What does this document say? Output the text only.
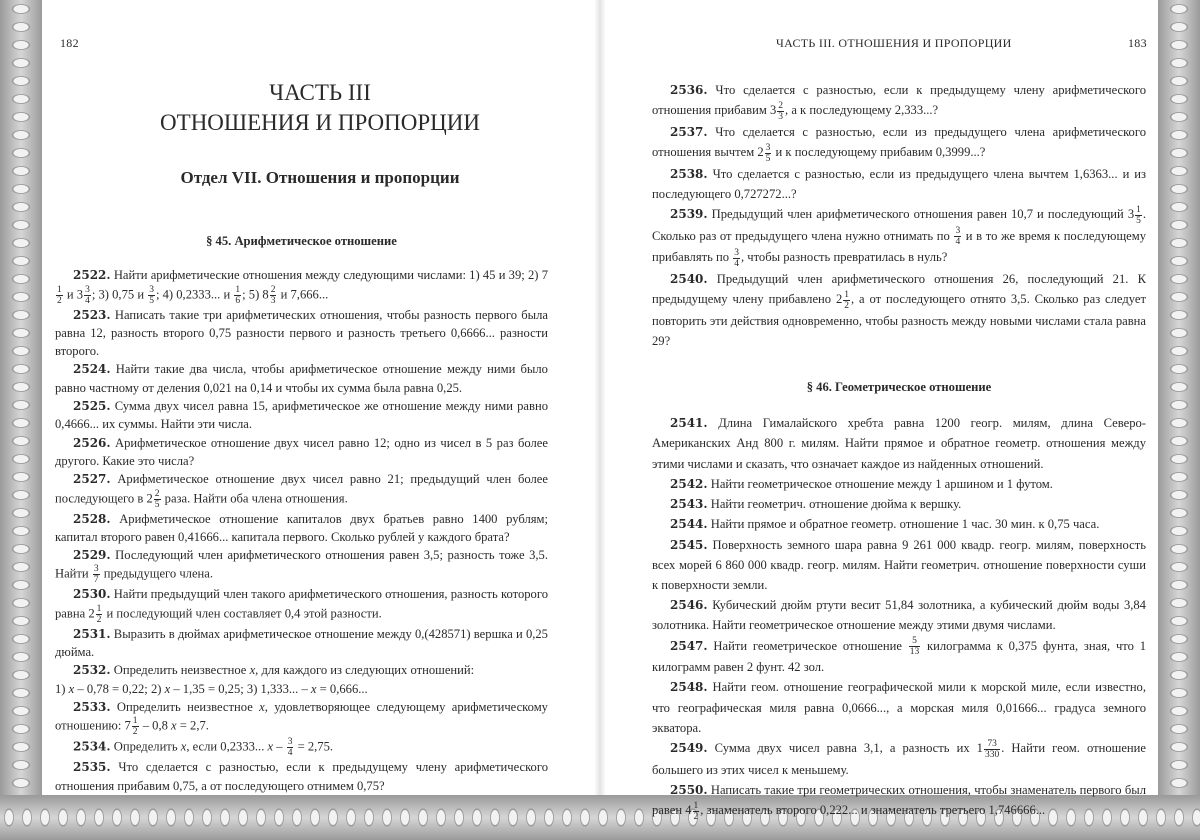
182
ЧАСТЬ III
ОТНОШЕНИЯ И ПРОПОРЦИИ
Отдел VII. Отношения и пропорции
§ 45. Арифметическое отношение

2522. Найти арифметические отношения между следующими числами: 1) 45 и 39; 2) 7
$\frac{1}{2}$ и $3 \frac{3}{4}$ ; 3) 0,75 и $\frac{3}{5}$ ; 4) 0,2333... и $\frac{1}{6}$ ; 5) $8 \frac{2}{3}$ и 7,666...

2523. Написать такие три арифметических отношения, чтобы разность первого была равна 12, разность второго 0,75 разности первого и разность третьего 0,6666... разности второго.

2524. Найти такие два числа, чтобы арифметическое отношение между ними было равно частному от деления 0,021 на 0,14 и чтобы их сумма была равна 0,25.

2525. Сумма двух чисел равна 15, арифметическое же отношение между ними равно 0,4666... их суммы. Найти эти числа.

2526. Арифметическое отношение двух чисел равно 12; одно из чисел в 5 раз более другого. Какие это числа?

2527. Арифметическое отношение двух чисел равно 21; предыдущий член более последующего в $2 \frac{2}{5}$ раза. Найти оба члена отношения.

2528. Арифметическое отношение капиталов двух братьев равно 1400 рублям; капитал второго равен 0,41666... капитала первого. Сколько рублей у каждого брата?

2529. Последующий член арифметического отношения равен 3,5; разность тоже 3,5. Найти $\frac{3}{7}$ предыдущего члена.

2530. Найти предыдущий член такого арифметического отношения, разность которого равна $2 \frac{1}{2}$ и последующий член составляет 0,4 этой разности.

2531. Выразить в дюймах арифметическое отношение между 0,(428571) вершка и 0,25 дюйма.

2532. Определить неизвестное x, для каждого из следующих отношений:
1) x – 0,78 = 0,22; 2) x – 1,35 = 0,25; 3) 1,333... – x = 0,666...

2533. Определить неизвестное x, удовлетворяющее следующему арифметическому отношению: $7 \frac{1}{2} - 0,8$ x = 2,7.

2534. Определить x, если 0,2333... $x - \frac{3}{4} = 2,75$.

2535. Что сделается с разностью, если к предыдущему члену арифметического отношения прибавим 0,75, а от последующего отнимем 0,75?

ЧАСТЬ III. ОТНОШЕНИЯ И ПРОПОРЦИИ	183

2536. Что сделается с разностью, если к предыдущему члену арифметического отношения прибавим $3 \frac{2}{3}$ , а к последующему 2,333...?

2537. Что сделается с разностью, если из предыдущего члена арифметического отношения вычтем $2 \frac{3}{5}$ и к последующему прибавим 0,3999...?

2538. Что сделается с разностью, если из предыдущего члена вычтем 1,6363... и из последующего 0,727272...?

2539. Предыдущий член арифметического отношения равен 10,7 и последующий $3 \frac{1}{5}$ . Сколько раз от предыдущего члена нужно отнимать по $\frac{3}{4}$ и в то же время к последующему прибавлять по $\frac{3}{4}$ , чтобы разность превратилась в нуль?

2540. Предыдущий член арифметического отношения 26, последующий 21. К предыдущему члену прибавлено $2 \frac{1}{2}$ , а от последующего отнято 3,5. Сколько раз следует повторить эти действия одновременно, чтобы разность между новыми числами стала равна 29?

§ 46. Геометрическое отношение

2541. Длина Гималайского хребта равна 1200 геогр. милям, длина Северо-Американских Анд 800 г. милям. Найти прямое и обратное геометр. отношения между этими числами и сказать, что означает каждое из найденных отношений.

2542. Найти геометрическое отношение между 1 аршином и 1 футом.

2543. Найти геометрич. отношение дюйма к вершку.

2544. Найти прямое и обратное геометр. отношение 1 час. 30 мин. к 0,75 часа.

2545. Поверхность земного шара равна 9 261 000 квадр. геогр. милям, поверхность всех морей 6 860 000 квадр. геогр. милям. Найти геометрич. отношение поверхности суши к поверхности земли.

2546. Кубический дюйм ртути весит 51,84 золотника, а кубический дюйм воды 3,84 золотника. Найти геометрическое отношение между этими двумя числами.

2547. Найти геометрическое отношение $\frac{5}{13}$ килограмма к 0,375 фунта, зная, что 1 килограмм равен 2 фунт. 42 зол.

2548. Найти геом. отношение географической мили к морской миле, если известно, что географическая миля равна 0,0666..., а морская миля 0,01666... градуса земного экватора.

2549. Сумма двух чисел равна 3,1, а разность их $1 \frac{73}{330}$ . Найти геом. отношение большего из этих чисел к меньшему.

2550. Написать такие три геометрических отношения, чтобы знаменатель первого был равен $4 \frac{1}{2}$ , знаменатель второго 0,222... и знаменатель третьего 1,746666...
